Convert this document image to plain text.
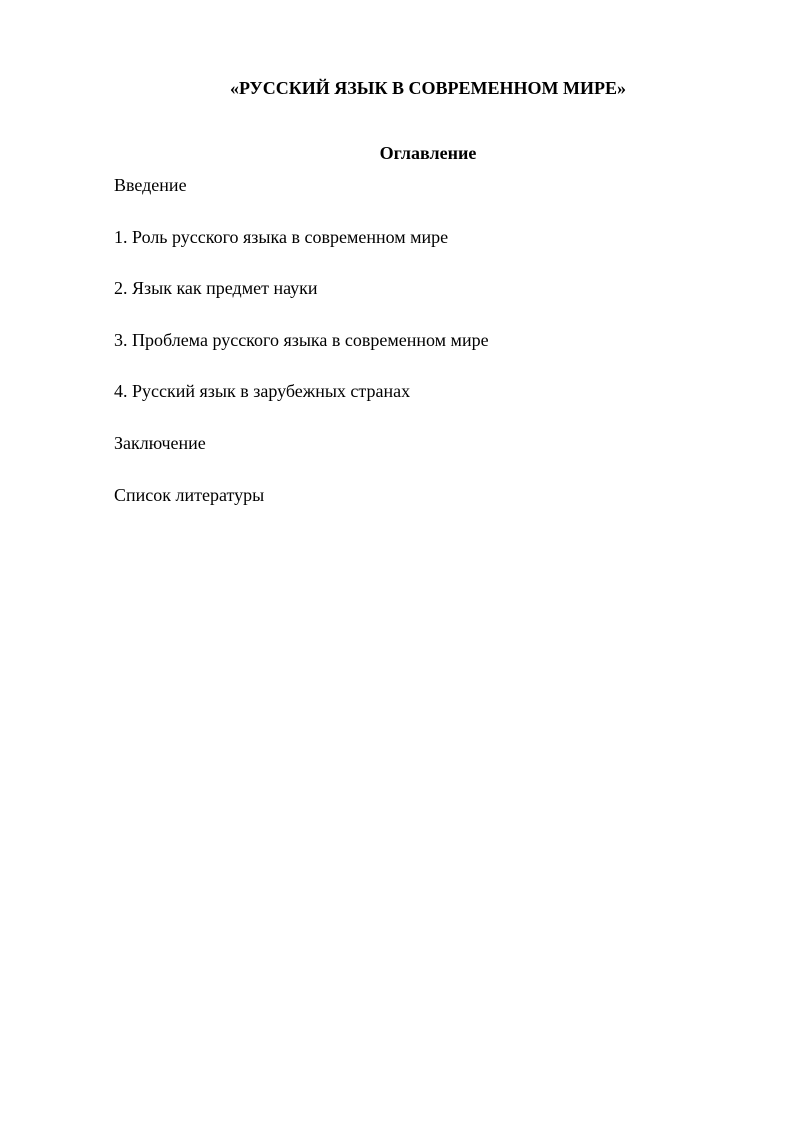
«РУССКИЙ ЯЗЫК В СОВРЕМЕННОМ МИРЕ»
Оглавление
Введение
1. Роль русского языка в современном мире
2. Язык как предмет науки
3. Проблема русского языка в современном мире
4. Русский язык в зарубежных странах
Заключение
Список литературы
